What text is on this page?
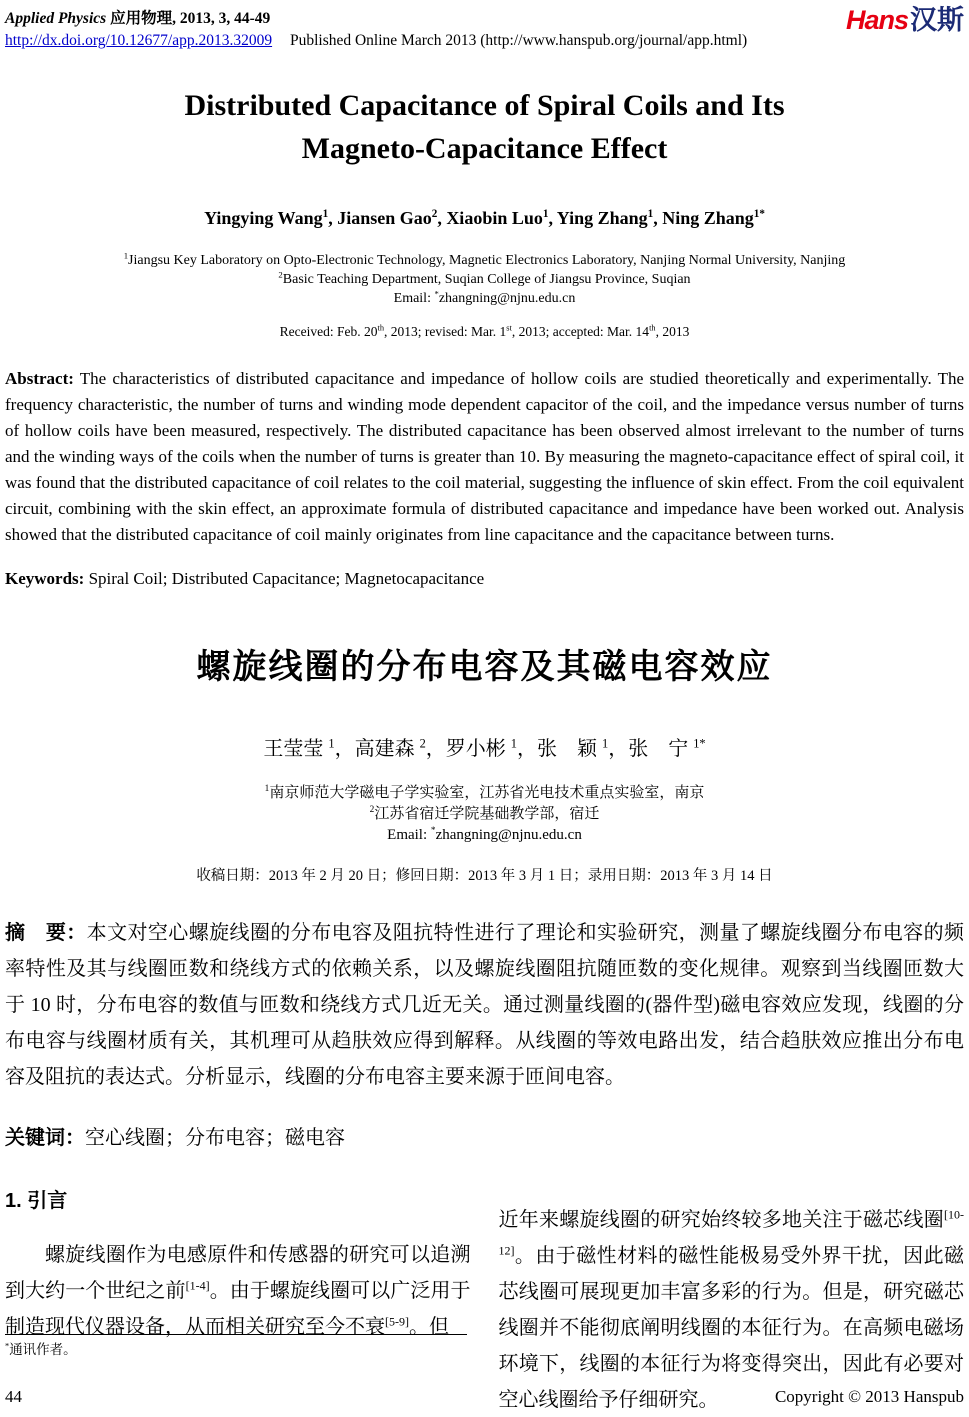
Applied Physics 应用物理, 2013, 3, 44-49
http://dx.doi.org/10.12677/app.2013.32009 Published Online March 2013 (http://www.hanspub.org/journal/app.html)
Hans汉斯
Distributed Capacitance of Spiral Coils and Its
Magneto-Capacitance Effect
Yingying Wang$^1$, Jiansen Gao$^2$, Xiaobin Luo$^1$, Ying Zhang$^1$, Ning Zhang$^{1*}$
$^1$Jiangsu Key Laboratory on Opto-Electronic Technology, Magnetic Electronics Laboratory, Nanjing Normal University, Nanjing
$^2$Basic Teaching Department, Suqian College of Jiangsu Province, Suqian
Email: *zhangning@njnu.edu.cn
Received: Feb. 20th, 2013; revised: Mar. 1st, 2013; accepted: Mar. 14th, 2013

Abstract: The characteristics of distributed capacitance and impedance of hollow coils are studied theoretically and experimentally. The frequency characteristic, the number of turns and winding mode dependent capacitor of the coil, and the impedance versus number of turns of hollow coils have been measured, respectively. The distributed capacitance has been observed almost irrelevant to the number of turns and the winding ways of the coils when the number of turns is greater than 10. By measuring the magneto-capacitance effect of spiral coil, it was found that the distributed capacitance of coil relates to the coil material, suggesting the influence of skin effect. From the coil equivalent circuit, combining with the skin effect, an approximate formula of distributed capacitance and impedance have been worked out. Analysis showed that the distributed capacitance of coil mainly originates from line capacitance and the capacitance between turns.

Keywords: Spiral Coil; Distributed Capacitance; Magnetocapacitance

螺旋线圈的分布电容及其磁电容效应
王莹莹 $^1$，高建森 $^2$，罗小彬 $^1$，张　颖 $^1$，张　宁 $^{1*}$
$^1$南京师范大学磁电子学实验室，江苏省光电技术重点实验室，南京
$^2$江苏省宿迁学院基础教学部，宿迁
Email: *zhangning@njnu.edu.cn
收稿日期：2013 年 2 月 20 日；修回日期：2013 年 3 月 1 日；录用日期：2013 年 3 月 14 日

摘　要：本文对空心螺旋线圈的分布电容及阻抗特性进行了理论和实验研究，测量了螺旋线圈分布电容的频率特性及其与线圈匝数和绕线方式的依赖关系，以及螺旋线圈阻抗随匝数的变化规律。观察到当线圈匝数大于 10 时，分布电容的数值与匝数和绕线方式几近无关。通过测量线圈的(器件型)磁电容效应发现，线圈的分布电容与线圈材质有关，其机理可从趋肤效应得到解释。从线圈的等效电路出发，结合趋肤效应推出分布电容及阻抗的表达式。分析显示，线圈的分布电容主要来源于匝间电容。

关键词：空心线圈；分布电容；磁电容

1. 引言

螺旋线圈作为电感原件和传感器的研究可以追溯到大约一个世纪之前[1-4]。由于螺旋线圈可以广泛用于制造现代仪器设备，从而相关研究至今不衰[5-9]。但

近年来螺旋线圈的研究始终较多地关注于磁芯线圈[10-12]。由于磁性材料的磁性能极易受外界干扰，因此磁芯线圈可展现更加丰富多彩的行为。但是，研究磁芯线圈并不能彻底阐明线圈的本征行为。在高频电磁场环境下，线圈的本征行为将变得突出，因此有必要对空心线圈给予仔细研究。

*通讯作者。
44	Copyright © 2013 Hanspub
